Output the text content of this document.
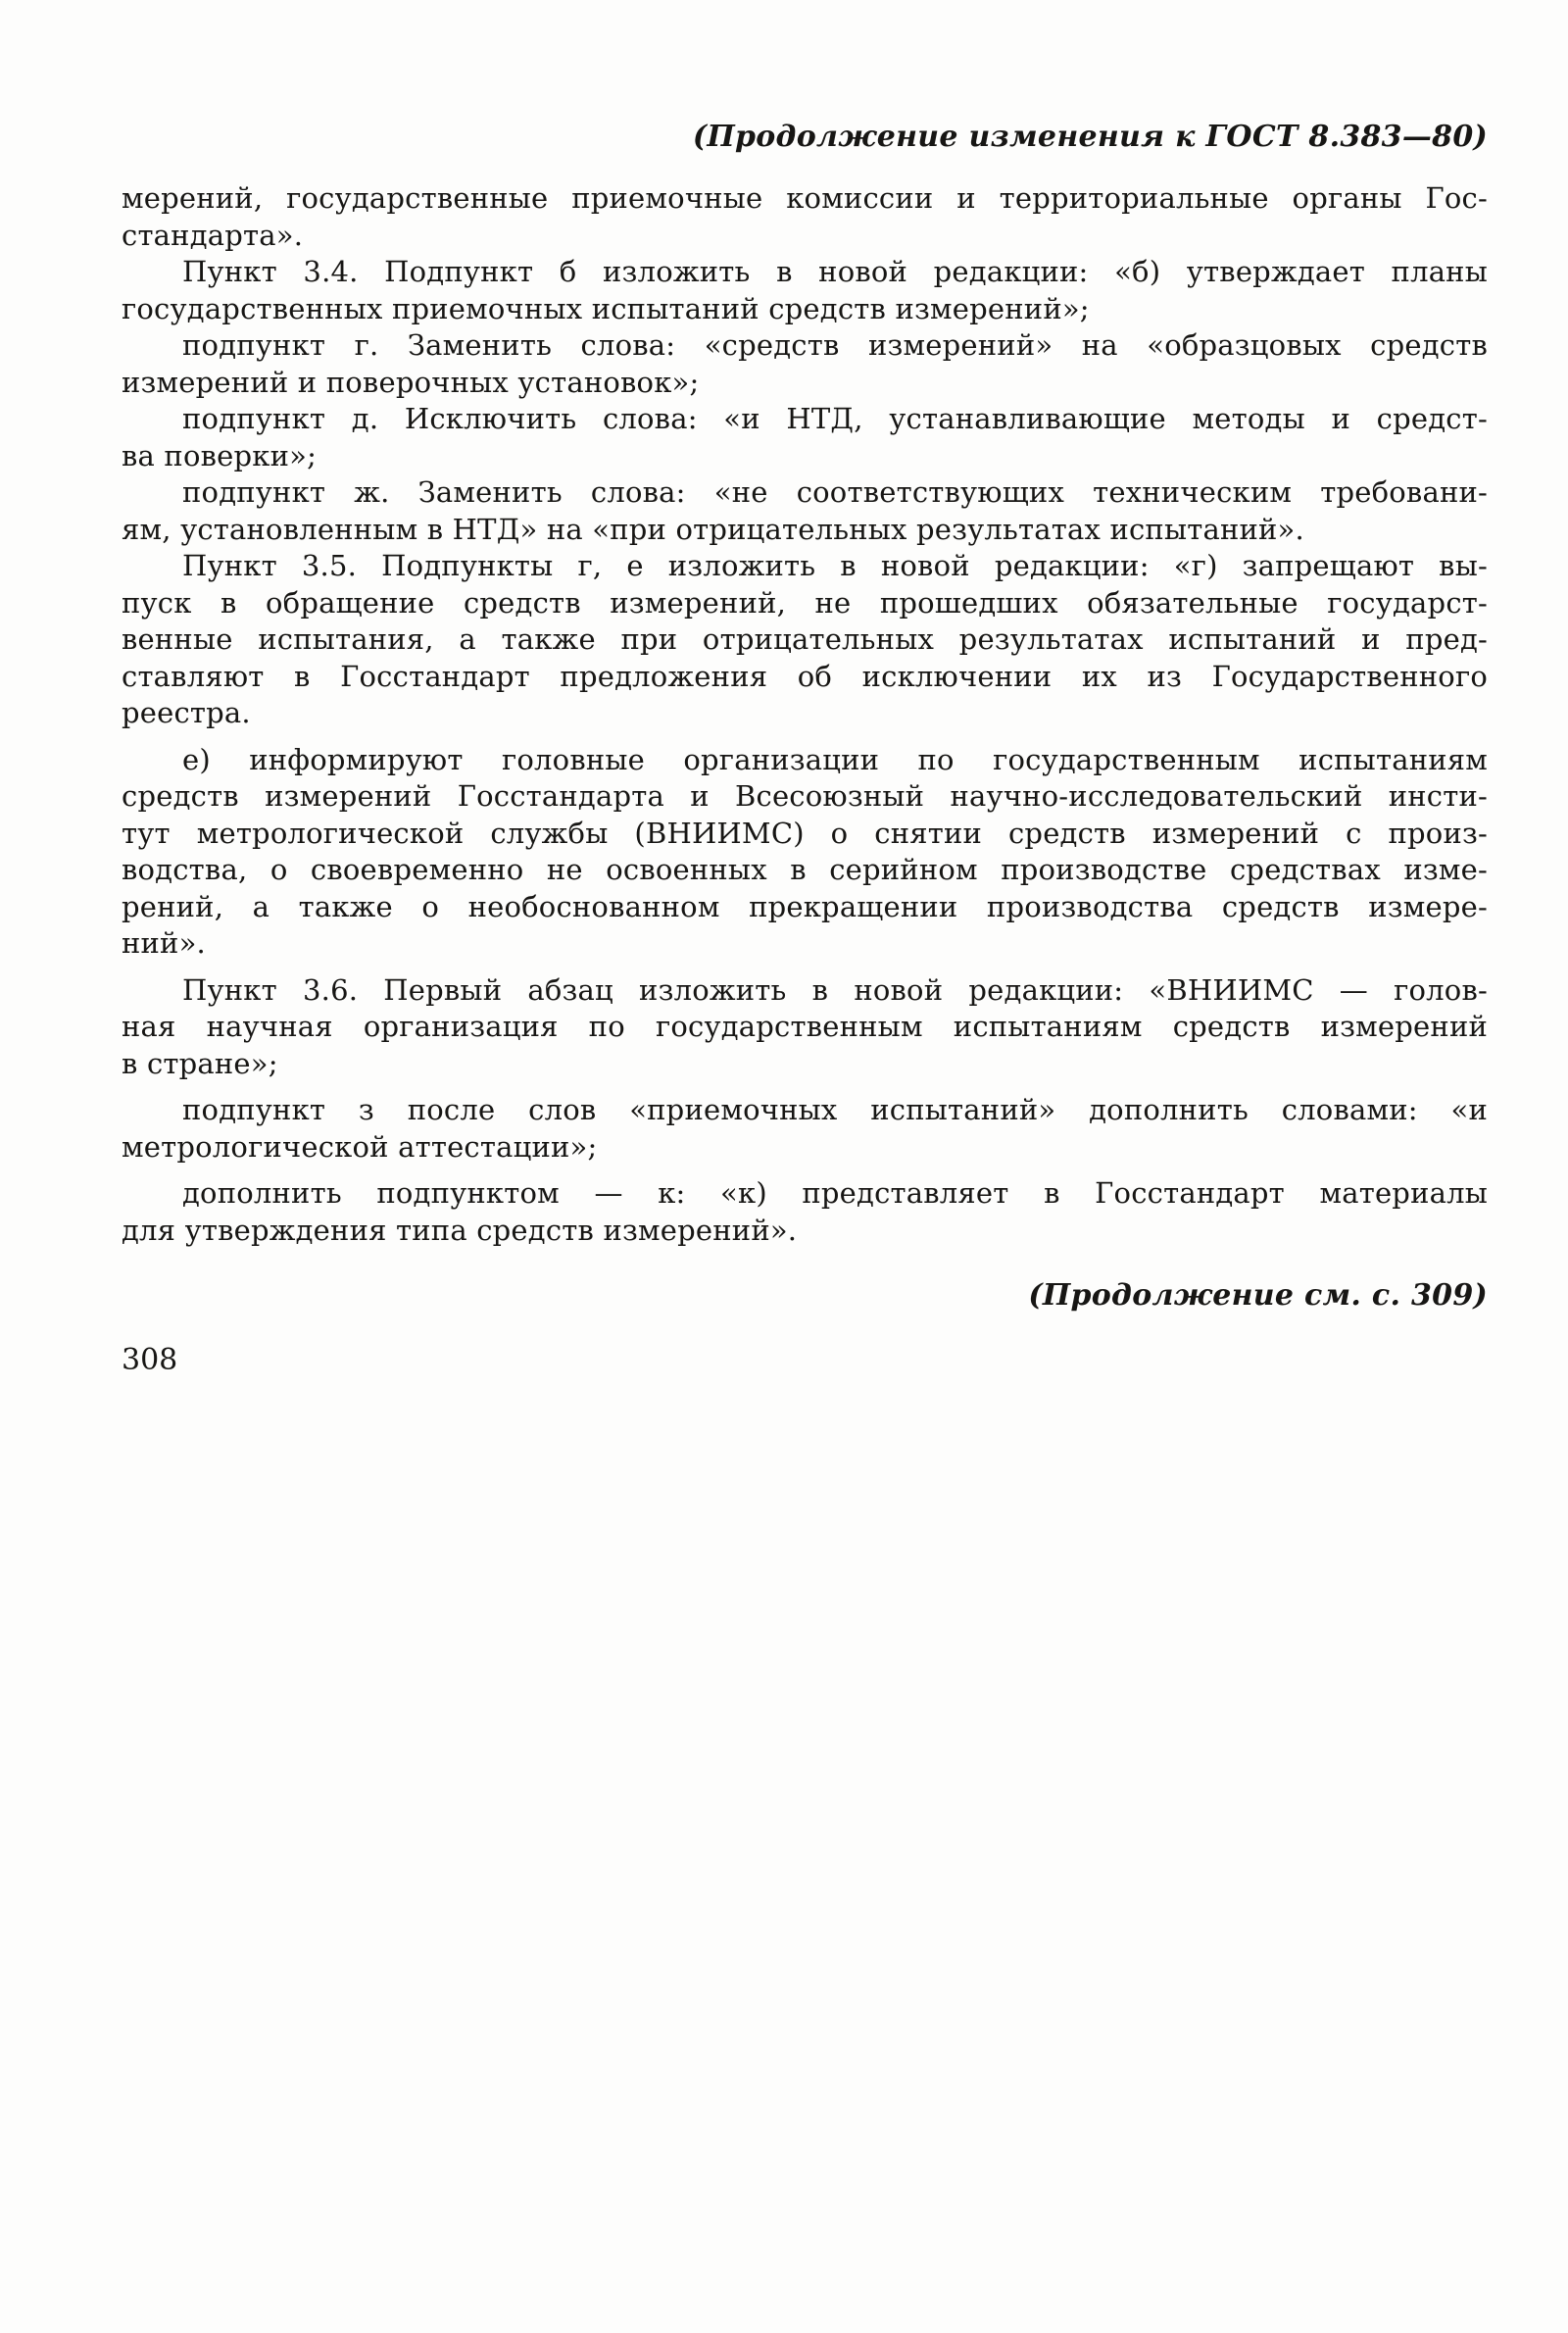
(Продолжение изменения к ГОСТ 8.383—80)
мерений, государственные приемочные комиссии и территориальные органы Гос-
стандарта».
Пункт 3.4. Подпункт б изложить в новой редакции: «б) утверждает планы
государственных приемочных испытаний средств измерений»;
подпункт г. Заменить слова: «средств измерений» на «образцовых средств
измерений и поверочных установок»;
подпункт д. Исключить слова: «и НТД, устанавливающие методы и средст-
ва поверки»;
подпункт ж. Заменить слова: «не соответствующих техническим требовани-
ям, установленным в НТД» на «при отрицательных результатах испытаний».
Пункт 3.5. Подпункты г, е изложить в новой редакции: «г) запрещают вы-
пуск в обращение средств измерений, не прошедших обязательные государст-
венные испытания, а также при отрицательных результатах испытаний и пред-
ставляют в Госстандарт предложения об исключении их из Государственного
реестра.
е) информируют головные организации по государственным испытаниям
средств измерений Госстандарта и Всесоюзный научно-исследовательский инсти-
тут метрологической службы (ВНИИМС) о снятии средств измерений с произ-
водства, о своевременно не освоенных в серийном производстве средствах изме-
рений, а также о необоснованном прекращении производства средств измере-
ний».
Пункт 3.6. Первый абзац изложить в новой редакции: «ВНИИМС — голов-
ная научная организация по государственным испытаниям средств измерений
в стране»;
подпункт з после слов «приемочных испытаний» дополнить словами: «и
метрологической аттестации»;
дополнить подпунктом — к: «к) представляет в Госстандарт материалы
для утверждения типа средств измерений».
(Продолжение см. с. 309)
308
